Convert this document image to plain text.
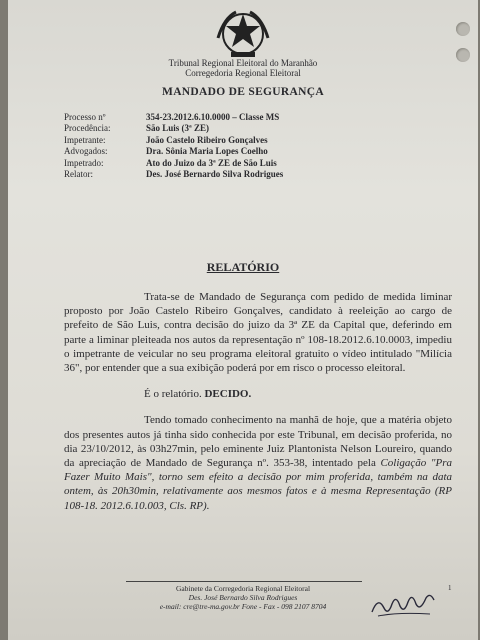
Tribunal Regional Eleitoral do Maranhão
Corregedoria Regional Eleitoral
MANDADO DE SEGURANÇA
Processo nº	354-23.2012.6.10.0000 – Classe MS
Procedência:	São Luis (3ª ZE)
Impetrante:	João Castelo Ribeiro Gonçalves
Advogados:	Dra. Sônia Maria Lopes Coelho
Impetrado:	Ato do Juizo da 3ª ZE de São Luis
Relator:	Des. José Bernardo Silva Rodrigues
RELATÓRIO

Trata-se de Mandado de Segurança com pedido de medida liminar proposto por João Castelo Ribeiro Gonçalves, candidato à reeleição ao cargo de prefeito de São Luis, contra decisão do juizo da 3ª ZE da Capital que, deferindo em parte a liminar pleiteada nos autos da representação nº 108-18.2012.6.10.0003, impediu o impetrante de veicular no seu programa eleitoral gratuito o vídeo intitulado "Milícia 36", por entender que a sua exibição poderá por em risco o processo eleitoral.

É o relatório. DECIDO.

Tendo tomado conhecimento na manhã de hoje, que a matéria objeto dos presentes autos já tinha sido conhecida por este Tribunal, em decisão proferida, no dia 23/10/2012, às 03h27min, pelo eminente Juiz Plantonista Nelson Loureiro, quando da apreciação de Mandado de Segurança nº. 353-38, intentado pela Coligação "Pra Fazer Muito Mais", torno sem efeito a decisão por mim proferida, também na data ontem, às 20h30min, relativamente aos mesmos fatos e à mesma Representação (RP 108-18. 2012.6.10.003, Cls. RP).

Gabinete da Corregedoria Regional Eleitoral
Des. José Bernardo Silva Rodrigues
e-mail: cre@tre-ma.gov.br Fone - Fax - 098 2107 8704
1
